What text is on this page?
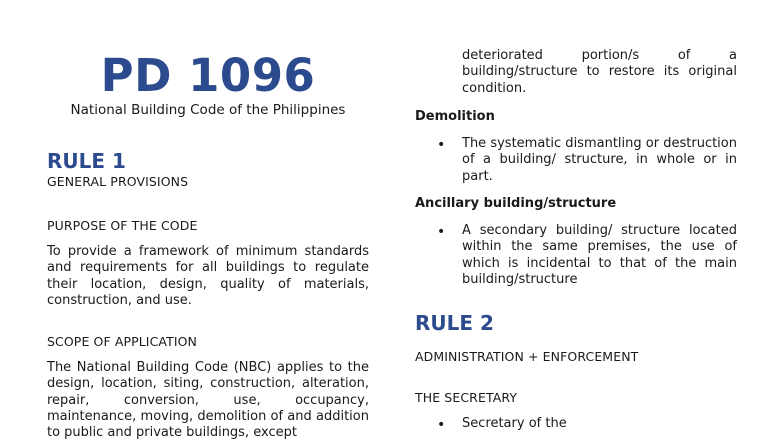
PD 1096
National Building Code of the Philippines
RULE 1
GENERAL PROVISIONS
PURPOSE OF THE CODE
To provide a framework of minimum standards and requirements for all buildings to regulate their location, design, quality of materials, construction, and use.
SCOPE OF APPLICATION
The National Building Code (NBC) applies to the design, location, siting, construction, alteration, repair, conversion, use, occupancy, maintenance, moving, demolition of and addition to public and private buildings, except
deteriorated portion/s of a building/structure to restore its original condition.
Demolition
• The systematic dismantling or destruction of a building/ structure, in whole or in part.
Ancillary building/structure
• A secondary building/ structure located within the same premises, the use of which is incidental to that of the main building/structure
RULE 2
ADMINISTRATION + ENFORCEMENT
THE SECRETARY
• Secretary of the
